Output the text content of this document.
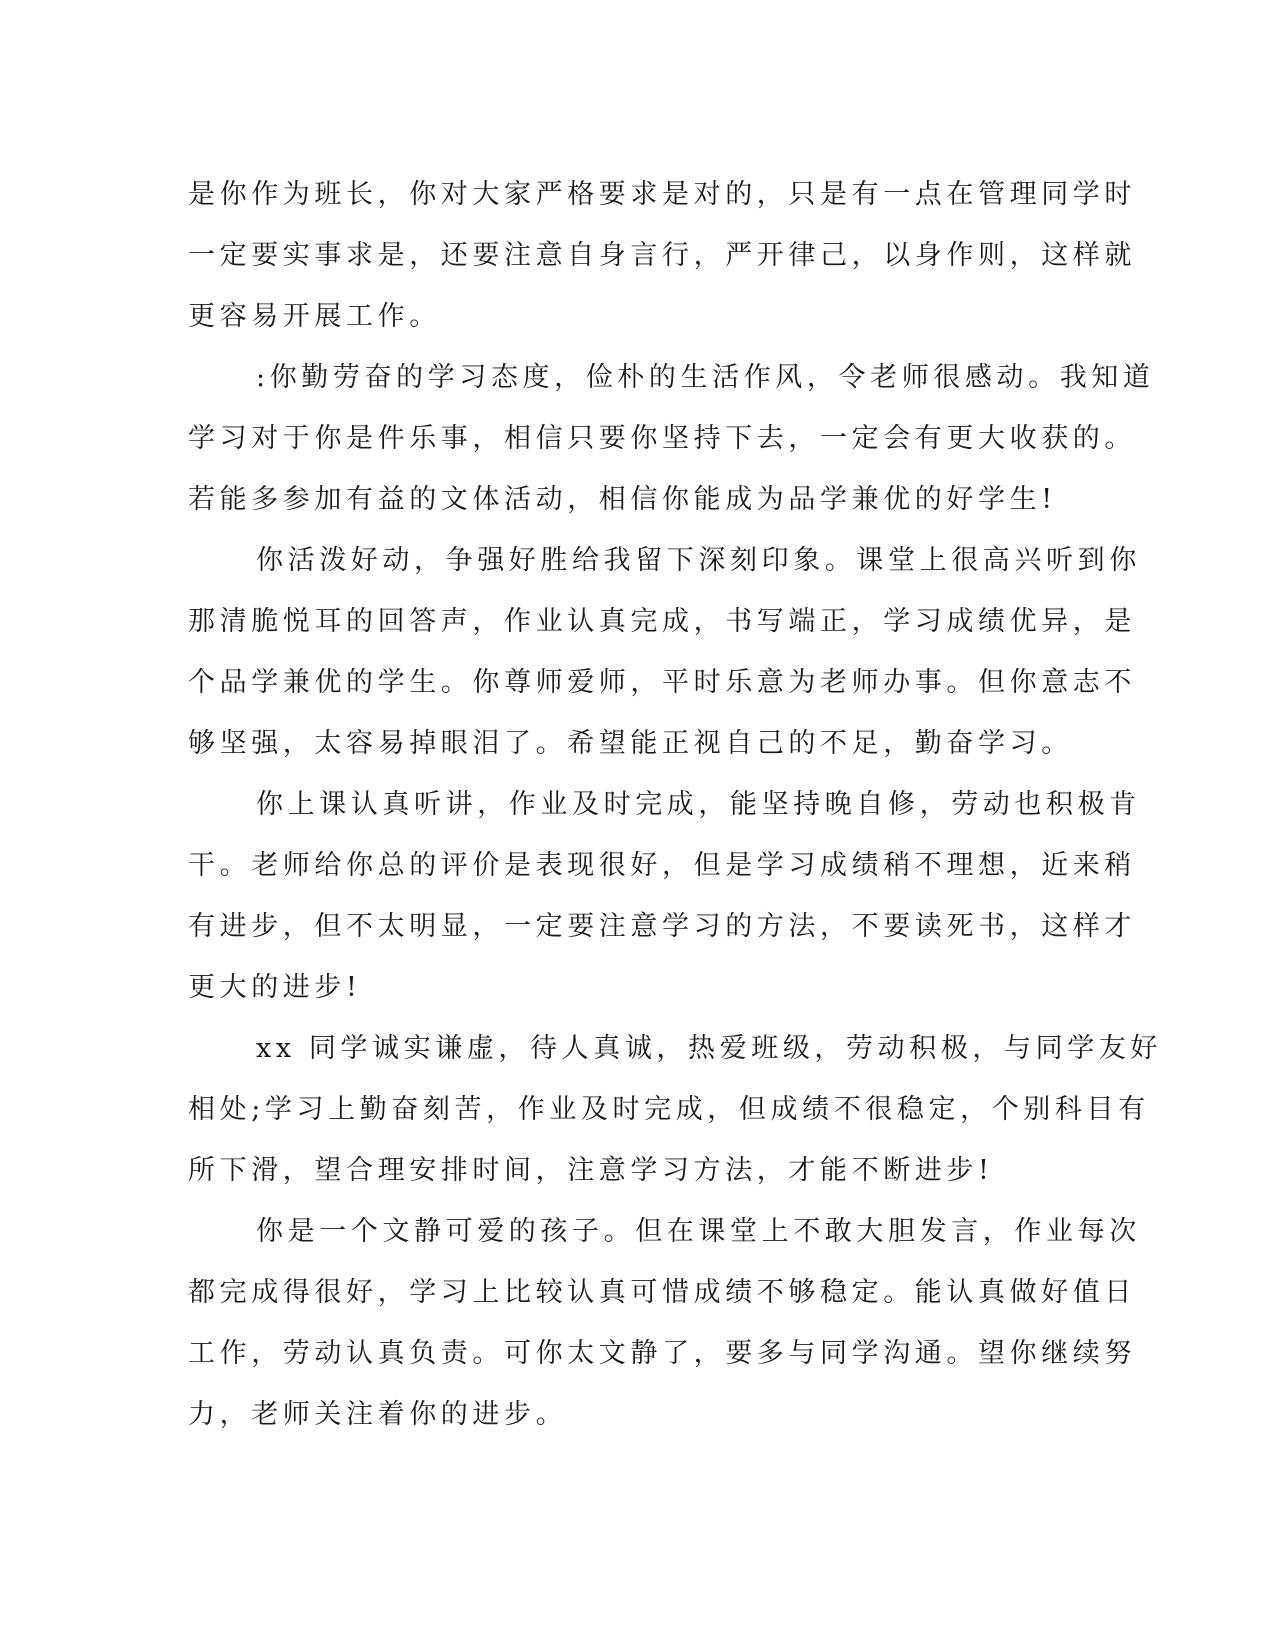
是你作为班长，你对大家严格要求是对的，只是有一点在管理同学时
一定要实事求是，还要注意自身言行，严开律己，以身作则，这样就
更容易开展工作。
:你勤劳奋的学习态度，俭朴的生活作风，令老师很感动。我知道
学习对于你是件乐事，相信只要你坚持下去，一定会有更大收获的。
若能多参加有益的文体活动，相信你能成为品学兼优的好学生!
你活泼好动，争强好胜给我留下深刻印象。课堂上很高兴听到你
那清脆悦耳的回答声，作业认真完成，书写端正，学习成绩优异，是
个品学兼优的学生。你尊师爱师，平时乐意为老师办事。但你意志不
够坚强，太容易掉眼泪了。希望能正视自己的不足，勤奋学习。
你上课认真听讲，作业及时完成，能坚持晚自修，劳动也积极肯
干。老师给你总的评价是表现很好，但是学习成绩稍不理想，近来稍
有进步，但不太明显，一定要注意学习的方法，不要读死书，这样才
更大的进步!
xx 同学诚实谦虚，待人真诚，热爱班级，劳动积极，与同学友好
相处;学习上勤奋刻苦，作业及时完成，但成绩不很稳定，个别科目有
所下滑，望合理安排时间，注意学习方法，才能不断进步!
你是一个文静可爱的孩子。但在课堂上不敢大胆发言，作业每次
都完成得很好，学习上比较认真可惜成绩不够稳定。能认真做好值日
工作，劳动认真负责。可你太文静了，要多与同学沟通。望你继续努
力，老师关注着你的进步。
